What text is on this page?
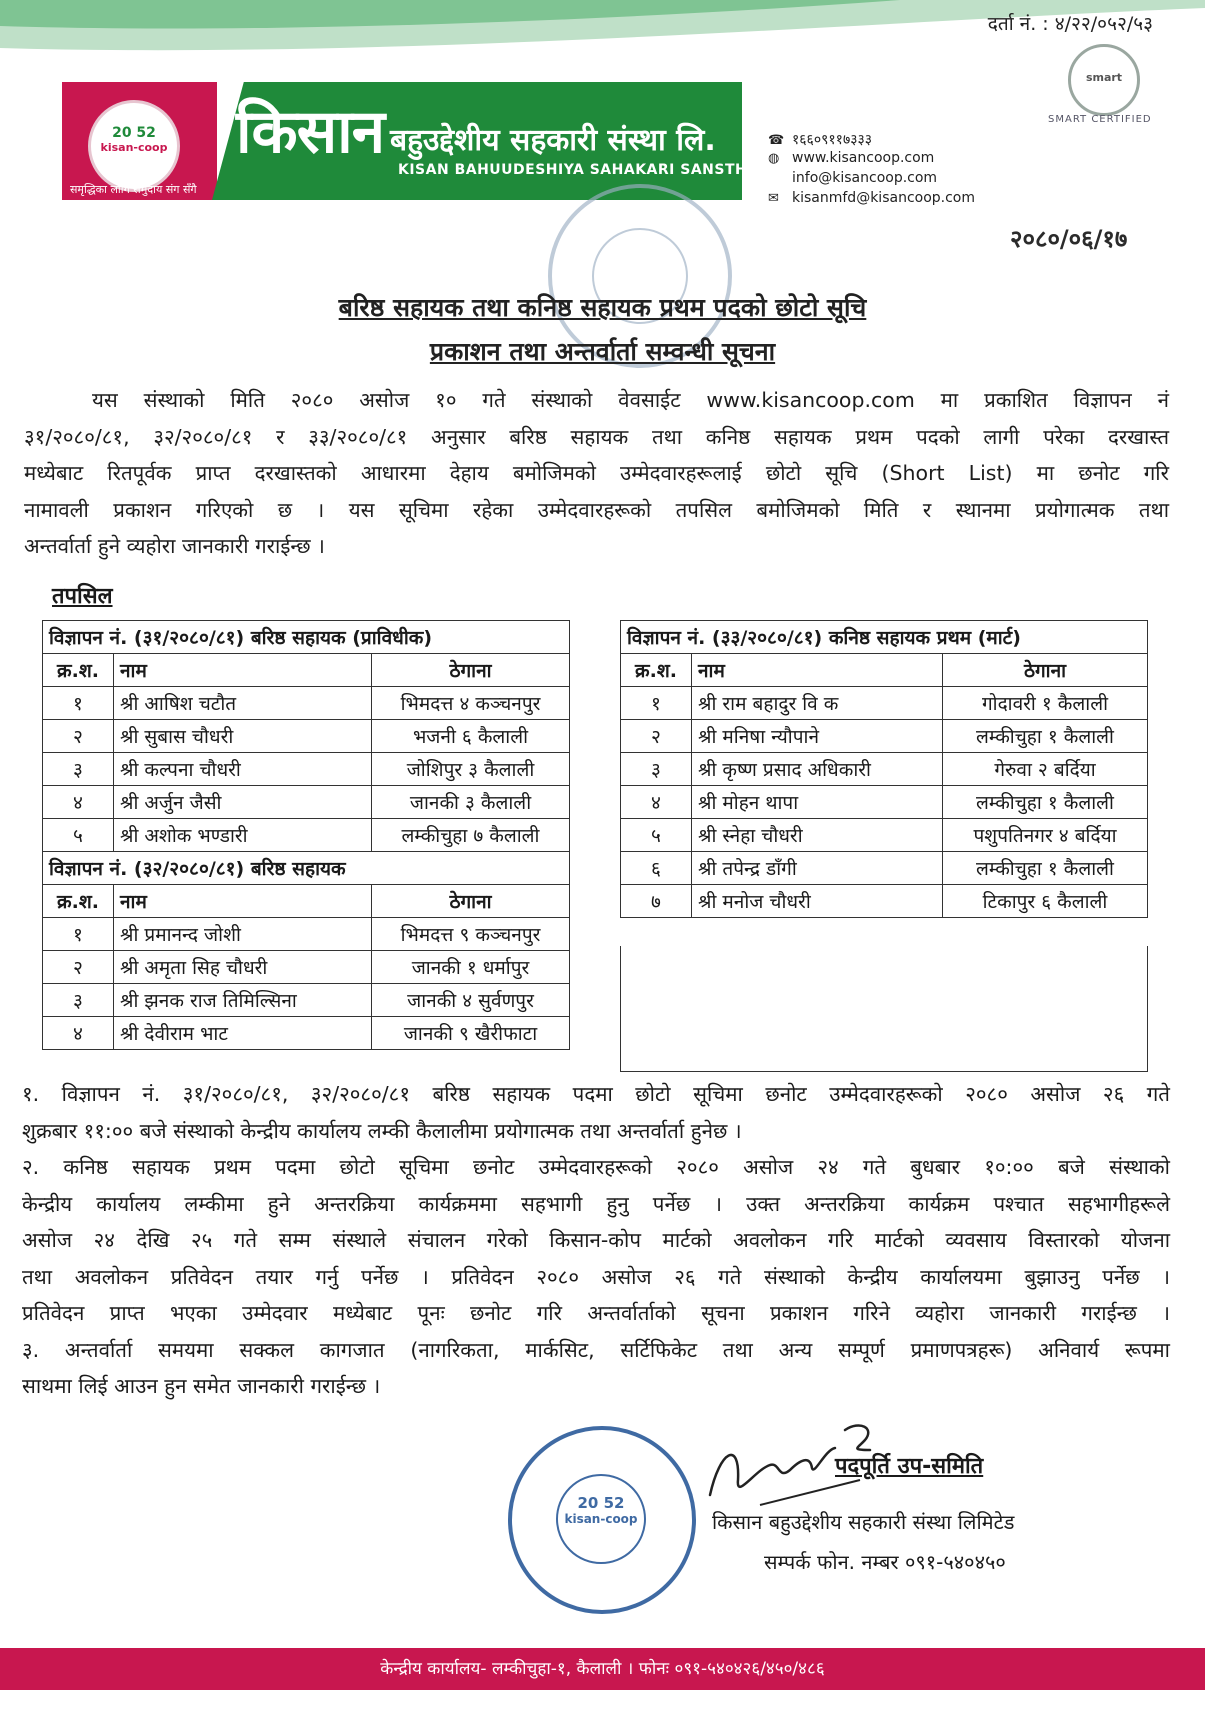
दर्ता नं. : ४/२२/०५२/५३
20 52
kisan-coop
समृद्धिका लागि समुदाय संग सँगै
किसान बहुउद्देशीय सहकारी संस्था लि.
KISAN BAHUUDESHIYA SAHAKARI SANSTHA LTD.
☎ १६६०९११७३३३
◍ www.kisancoop.com
info@kisancoop.com
✉ kisanmfd@kisancoop.com
smart
SMART CERTIFIED
२०८०/०६/१७
बरिष्ठ सहायक तथा कनिष्ठ सहायक प्रथम पदको छोटो सूचि
प्रकाशन तथा अन्तर्वार्ता सम्वन्धी सूचना
यस संस्थाको मिति २०८० असोज १० गते संस्थाको वेवसाईट www.kisancoop.com मा प्रकाशित विज्ञापन नं
३१/२०८०/८१, ३२/२०८०/८१ र ३३/२०८०/८१ अनुसार बरिष्ठ सहायक तथा कनिष्ठ सहायक प्रथम पदको लागी परेका दरखास्त
मध्येबाट रितपूर्वक प्राप्त दरखास्तको आधारमा देहाय बमोजिमको उम्मेदवारहरूलाई छोटो सूचि (Short List) मा छनोट गरि
नामावली प्रकाशन गरिएको छ । यस सूचिमा रहेका उम्मेदवारहरूको तपसिल बमोजिमको मिति र स्थानमा प्रयोगात्मक तथा
अन्तर्वार्ता हुने व्यहोरा जानकारी गराईन्छ ।
तपसिल
विज्ञापन नं. (३१/२०८०/८१) बरिष्ठ सहायक (प्राविधीक)		
क्र.श.	नाम	ठेगाना
१	श्री आषिश चटौत	भिमदत्त ४ कञ्चनपुर
२	श्री सुबास चौधरी	भजनी ६ कैलाली
३	श्री कल्पना चौधरी	जोशिपुर ३ कैलाली
४	श्री अर्जुन जैसी	जानकी ३ कैलाली
५	श्री अशोक भण्डारी	लम्कीचुहा ७ कैलाली
विज्ञापन नं. (३२/२०८०/८१) बरिष्ठ सहायक		
क्र.श.	नाम	ठेगाना
१	श्री प्रमानन्द जोशी	भिमदत्त ९ कञ्चनपुर
२	श्री अमृता सिह चौधरी	जानकी १ धर्मापुर
३	श्री झनक राज तिमिल्सिना	जानकी ४ सुर्वणपुर
४	श्री देवीराम भाट	जानकी ९ खैरीफाटा
विज्ञापन नं. (३३/२०८०/८१) कनिष्ठ सहायक प्रथम (मार्ट)		
क्र.श.	नाम	ठेगाना
१	श्री राम बहादुर वि क	गोदावरी १ कैलाली
२	श्री मनिषा न्यौपाने	लम्कीचुहा १ कैलाली
३	श्री कृष्ण प्रसाद अधिकारी	गेरुवा २ बर्दिया
४	श्री मोहन थापा	लम्कीचुहा १ कैलाली
५	श्री स्नेहा चौधरी	पशुपतिनगर ४ बर्दिया
६	श्री तपेन्द्र डाँगी	लम्कीचुहा १ कैलाली
७	श्री मनोज चौधरी	टिकापुर ६ कैलाली
१. विज्ञापन नं. ३१/२०८०/८१, ३२/२०८०/८१ बरिष्ठ सहायक पदमा छोटो सूचिमा छनोट उम्मेदवारहरूको २०८० असोज २६ गते
शुक्रबार ११:०० बजे संस्थाको केन्द्रीय कार्यालय लम्की कैलालीमा प्रयोगात्मक तथा अन्तर्वार्ता हुनेछ ।
२. कनिष्ठ सहायक प्रथम पदमा छोटो सूचिमा छनोट उम्मेदवारहरूको २०८० असोज २४ गते बुधबार १०:०० बजे संस्थाको
केन्द्रीय कार्यालय लम्कीमा हुने अन्तरक्रिया कार्यक्रममा सहभागी हुनु पर्नेछ । उक्त अन्तरक्रिया कार्यक्रम पश्चात सहभागीहरूले
असोज २४ देखि २५ गते सम्म संस्थाले संचालन गरेको किसान-कोप मार्टको अवलोकन गरि मार्टको व्यवसाय विस्तारको योजना
तथा अवलोकन प्रतिवेदन तयार गर्नु पर्नेछ । प्रतिवेदन २०८० असोज २६ गते संस्थाको केन्द्रीय कार्यालयमा बुझाउनु पर्नेछ ।
प्रतिवेदन प्राप्त भएका उम्मेदवार मध्येबाट पूनः छनोट गरि अन्तर्वार्ताको सूचना प्रकाशन गरिने व्यहोरा जानकारी गराईन्छ ।
३. अन्तर्वार्ता समयमा सक्कल कागजात (नागरिकता, मार्कसिट, सर्टिफिकेट तथा अन्य सम्पूर्ण प्रमाणपत्रहरू) अनिवार्य रूपमा
साथमा लिई आउन हुन समेत जानकारी गराईन्छ ।
20 52
kisan-coop
पदपूर्ति उप-समिति
किसान बहुउद्देशीय सहकारी संस्था लिमिटेड
सम्पर्क फोन. नम्बर ०९१-५४०४५०
केन्द्रीय कार्यालय- लम्कीचुहा-१, कैलाली । फोनः ०९१-५४०४२६/४५०/४८६
